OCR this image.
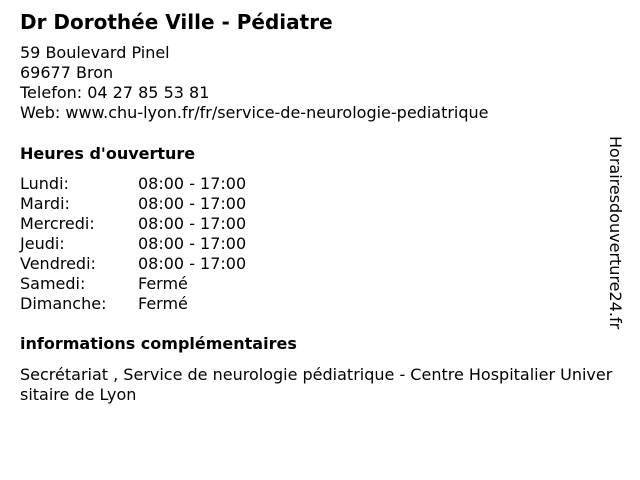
Dr Dorothée Ville - Pédiatre
59 Boulevard Pinel
69677 Bron
Telefon: 04 27 85 53 81
Web: www.chu-lyon.fr/fr/service-de-neurologie-pediatrique
Heures d'ouverture
Lundi:	08:00 - 17:00
Mardi:	08:00 - 17:00
Mercredi:	08:00 - 17:00
Jeudi:	08:00 - 17:00
Vendredi:	08:00 - 17:00
Samedi:	Fermé
Dimanche:	Fermé
informations complémentaires
Secrétariat , Service de neurologie pédiatrique - Centre Hospitalier Universitaire de Lyon
Horairesdouverture24.fr
